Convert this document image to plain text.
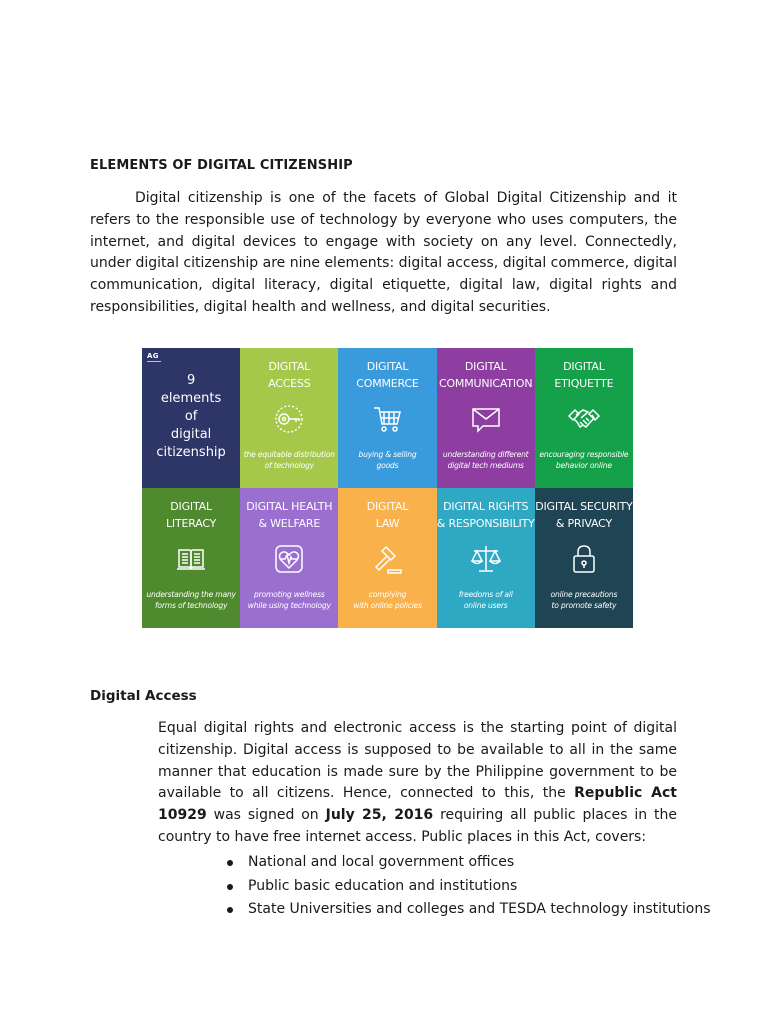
ELEMENTS OF DIGITAL CITIZENSHIP
Digital citizenship is one of the facets of Global Digital Citizenship and it refers to the responsible use of technology by everyone who uses computers, the internet, and digital devices to engage with society on any level. Connectedly, under digital citizenship are nine elements: digital access, digital commerce, digital communication, digital literacy, digital etiquette, digital law, digital rights and responsibilities, digital health and wellness, and digital securities.
AG
9
elements
of
digital
citizenship
DIGITAL
ACCESS
the equitable distribution
of technology
DIGITAL
COMMERCE
buying & selling
goods
DIGITAL
COMMUNICATION
understanding different
digital tech mediums
DIGITAL
ETIQUETTE
encouraging responsible
behavior online
DIGITAL
LITERACY
understanding the many
forms of technology
DIGITAL HEALTH
& WELFARE
promoting wellness
while using technology
DIGITAL
LAW
complying
with online policies
DIGITAL RIGHTS
& RESPONSIBILITY
freedoms of all
online users
DIGITAL SECURITY
& PRIVACY
online precautions
to promote safety
Digital Access
Equal digital rights and electronic access is the starting point of digital citizenship. Digital access is supposed to be available to all in the same manner that education is made sure by the Philippine government to be available to all citizens. Hence, connected to this, the Republic Act 10929 was signed on July 25, 2016 requiring all public places in the country to have free internet access. Public places in this Act, covers:
National and local government offices
Public basic education and institutions
State Universities and colleges and TESDA technology institutions
